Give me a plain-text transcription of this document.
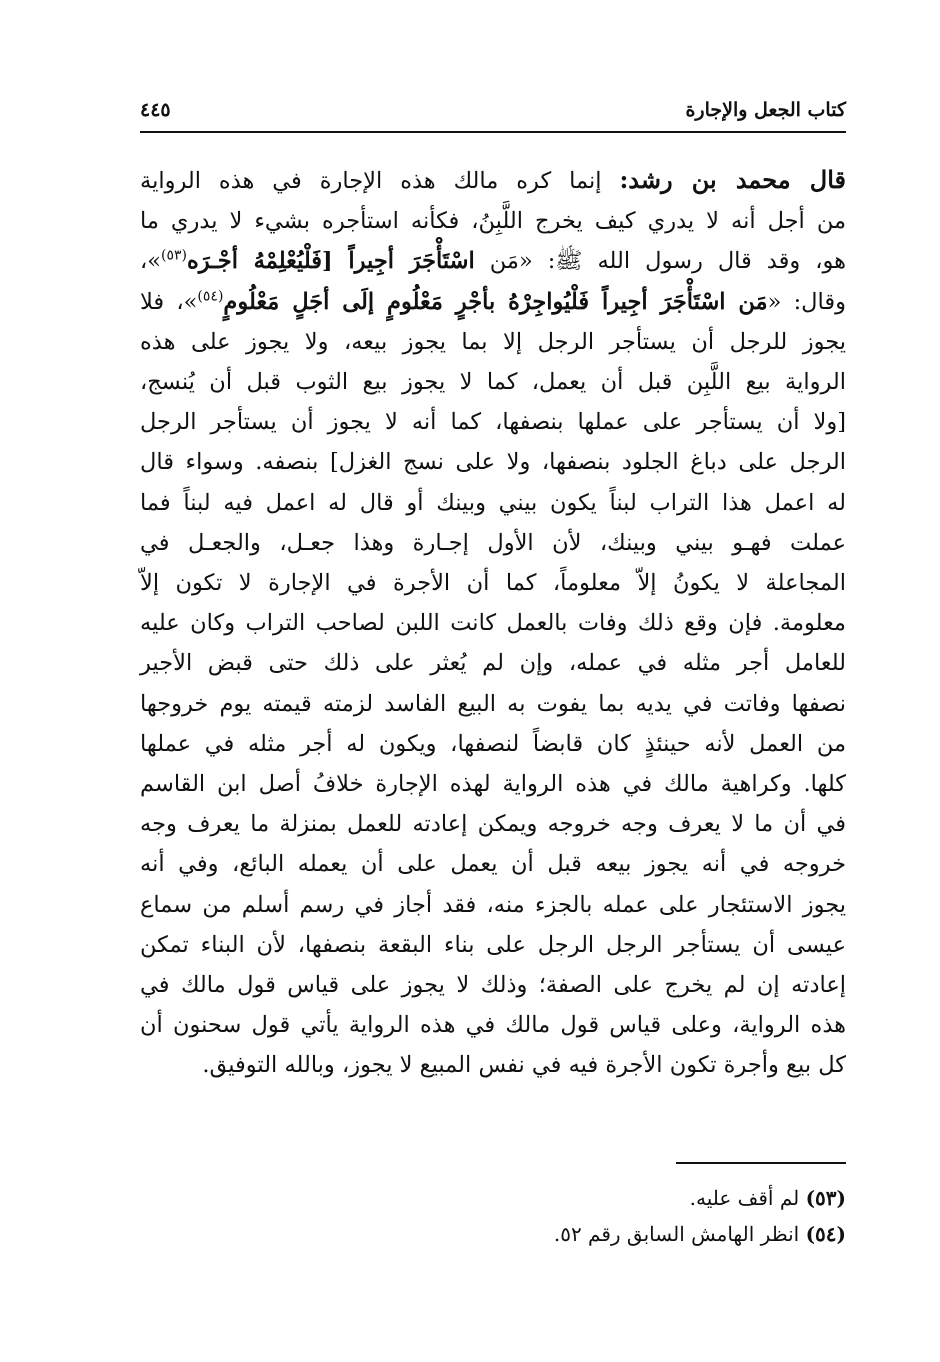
كتاب الجعل والإجارة
٤٤٥
قال محمد بن رشد: إنما كره مالك هذه الإجارة في هذه الرواية
من أجل أنه لا يدري كيف يخرج اللَّبِنُ، فكأنه استأجره بشيء لا يدري ما
هو، وقد قال رسول الله ﷺ: «مَن اسْتَأْجَرَ أجِيراً [فَلْيُعْلِمْهُ أجْـرَه$^{(٥٣)}$»،
وقال: «مَن اسْتَأْجَرَ أجِيراً فَلْيُواجِرْهُ بأجْرٍ مَعْلُومٍ إلَى أجَلٍ مَعْلُومٍ$^{(٥٤)}$»، فلا
يجوز للرجل أن يستأجر الرجل إلا بما يجوز بيعه، ولا يجوز على هذه
الرواية بيع اللَّبِن قبل أن يعمل، كما لا يجوز بيع الثوب قبل أن يُنسج،
[ولا أن يستأجر على عملها بنصفها، كما أنه لا يجوز أن يستأجر الرجل
الرجل على دباغ الجلود بنصفها، ولا على نسج الغزل] بنصفه. وسواء قال
له اعمل هذا التراب لبناً يكون بيني وبينك أو قال له اعمل فيه لبناً فما
عملت فهـو بيني وبينك، لأن الأول إجـارة وهذا جعـل، والجعـل في
المجاعلة لا يكونُ إلاّ معلوماً، كما أن الأجرة في الإجارة لا تكون إلاّ
معلومة. فإن وقع ذلك وفات بالعمل كانت اللبن لصاحب التراب وكان عليه
للعامل أجر مثله في عمله، وإن لم يُعثر على ذلك حتى قبض الأجير
نصفها وفاتت في يديه بما يفوت به البيع الفاسد لزمته قيمته يوم خروجها
من العمل لأنه حينئذٍ كان قابضاً لنصفها، ويكون له أجر مثله في عملها
كلها. وكراهية مالك في هذه الرواية لهذه الإجارة خلافُ أصل ابن القاسم
في أن ما لا يعرف وجه خروجه ويمكن إعادته للعمل بمنزلة ما يعرف وجه
خروجه في أنه يجوز بيعه قبل أن يعمل على أن يعمله البائع، وفي أنه
يجوز الاستئجار على عمله بالجزء منه، فقد أجاز في رسم أسلم من سماع
عيسى أن يستأجر الرجل الرجل على بناء البقعة بنصفها، لأن البناء تمكن
إعادته إن لم يخرج على الصفة؛ وذلك لا يجوز على قياس قول مالك في
هذه الرواية، وعلى قياس قول مالك في هذه الرواية يأتي قول سحنون أن
كل بيع وأجرة تكون الأجرة فيه في نفس المبيع لا يجوز، وبالله التوفيق.
(٥٣) لم أقف عليه.
(٥٤) انظر الهامش السابق رقم ٥٢.
